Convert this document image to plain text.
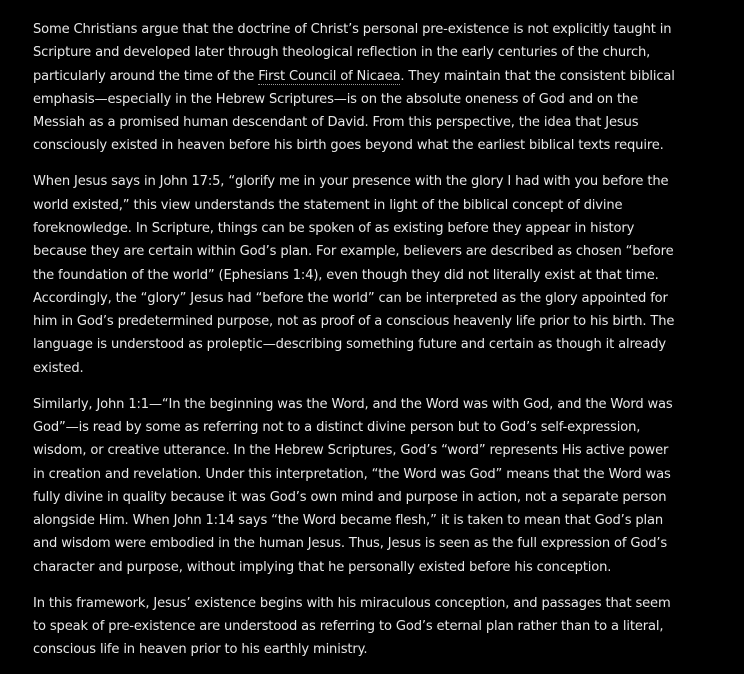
Some Christians argue that the doctrine of Christ’s personal pre-existence is not explicitly taught in Scripture and developed later through theological reflection in the early centuries of the church, particularly around the time of the First Council of Nicaea. They maintain that the consistent biblical emphasis—especially in the Hebrew Scriptures—is on the absolute oneness of God and on the Messiah as a promised human descendant of David. From this perspective, the idea that Jesus consciously existed in heaven before his birth goes beyond what the earliest biblical texts require.

When Jesus says in John 17:5, “glorify me in your presence with the glory I had with you before the world existed,” this view understands the statement in light of the biblical concept of divine foreknowledge. In Scripture, things can be spoken of as existing before they appear in history because they are certain within God’s plan. For example, believers are described as chosen “before the foundation of the world” (Ephesians 1:4), even though they did not literally exist at that time. Accordingly, the “glory” Jesus had “before the world” can be interpreted as the glory appointed for him in God’s predetermined purpose, not as proof of a conscious heavenly life prior to his birth. The language is understood as proleptic—describing something future and certain as though it already existed.

Similarly, John 1:1—“In the beginning was the Word, and the Word was with God, and the Word was God”—is read by some as referring not to a distinct divine person but to God’s self-expression, wisdom, or creative utterance. In the Hebrew Scriptures, God’s “word” represents His active power in creation and revelation. Under this interpretation, “the Word was God” means that the Word was fully divine in quality because it was God’s own mind and purpose in action, not a separate person alongside Him. When John 1:14 says “the Word became flesh,” it is taken to mean that God’s plan and wisdom were embodied in the human Jesus. Thus, Jesus is seen as the full expression of God’s character and purpose, without implying that he personally existed before his conception.

In this framework, Jesus’ existence begins with his miraculous conception, and passages that seem to speak of pre-existence are understood as referring to God’s eternal plan rather than to a literal, conscious life in heaven prior to his earthly ministry.
